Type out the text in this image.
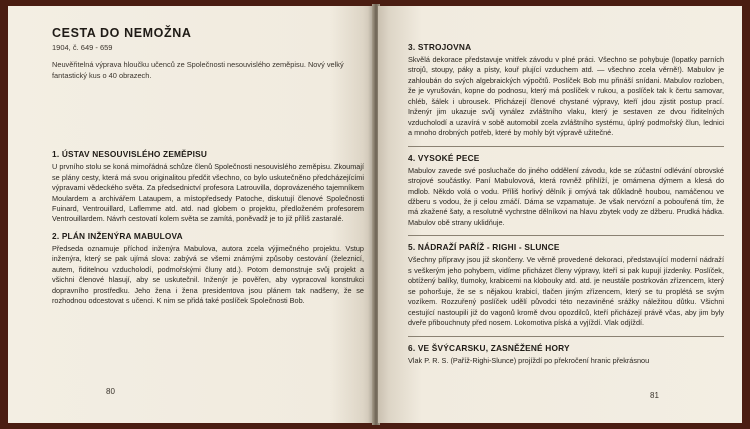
CESTA DO NEMOŽNA
1904, č. 649 - 659
Neuvěřitelná výprava hloučku učenců ze Společnosti nesouvislého zeměpisu. Nový velký fantastický kus o 40 obrazech.
1. ÚSTAV NESOUVISLÉHO ZEMĚPISU
U prvního stolu se koná mimořádná schůze členů Společnosti nesouvislého zeměpisu. Zkoumají se plány cesty, která má svou originalitou předčit všechno, co bylo uskutečněno předcházejícími výpravami vědeckého světa. Za předsednictví profesora Latrouvilla, doprovázeného tajemníkem Moulardem a archivářem Lataupem, a místopředsedy Patoche, diskutují členové Společnosti Fuinard, Ventrouillard, Laflemme atd. atd. nad globem o projektu, předloženém profesorem Ventrouillardem. Návrh cestovatí kolem světa se zamítá, poněvadž je to již příliš zastaralé.
2. PLÁN INŽENÝRA MABULOVA
Předseda oznamuje příchod inženýra Mabulova, autora zcela výjimečného projektu. Vstup inženýra, který se pak ujímá slova: zabývá se všemi známými způsoby cestování (železnicí, autem, řiditelnou vzducholodí, podmořskými čluny atd.). Potom demonstruje svůj projekt a všichni členové hlasují, aby se uskutečnil. Inženýr je pověřen, aby vypracoval konstrukci dopravního prostředku. Jeho žena i žena presidentova jsou plánem tak nadšeny, že se rozhodnou odcestovat s učenci. K nim se přidá také poslíček Společnosti Bob.
80
3. STROJOVNA
Skvělá dekorace představuje vnitřek závodu v plné práci. Všechno se pohybuje (lopatky parních strojů, stoupy, páky a písty, kouř plující vzduchem atd. — všechno zcela věrně!). Mabulov je zahloubán do svých algebraických výpočtů. Poslíček Bob mu přináší snídani. Mabulov rozloben, že je vyrušován, kopne do podnosu, který má poslíček v rukou, a poslíček tak k čertu samovar, chléb, šálek i ubrousek. Přicházejí členové chystané výpravy, kteří jdou zjistit postup prací. Inženýr jim ukazuje svůj vynález zvláštního vlaku, který je sestaven ze dvou řiditelných vzducholodí a uzavírá v sobě automobil zcela zvláštního systému, úplný podmořský člun, lednici a mnoho drobných potřeb, které by mohly být výpravě užitečné.
4. VYSOKÉ PECE
Mabulov zavede své posluchače do jiného oddělení závodu, kde se zúčastní odlévání obrovské strojové součástky. Paní Mabulovová, která rovněž přihlíží, je omámena dýmem a klesá do mdlob. Někdo volá o vodu. Příliš horlivý dělník ji omývá tak důkladně houbou, namáčenou ve džberu s vodou, že ji celou zmáčí. Dáma se vzpamatuje. Je však nervózní a pobouřená tím, že má zkažené šaty, a resolutně vychrstne dělníkovi na hlavu zbytek vody ze džberu. Prudká hádka. Mabulov obě strany uklidňuje.
5. NÁDRAŽÍ PAŘÍŽ - RIGHI - SLUNCE
Všechny přípravy jsou již skončeny. Ve věrně provedené dekoraci, představující moderní nádraží s veškerým jeho pohybem, vidíme přicházet členy výpravy, kteří si pak kupují jízdenky. Poslíček, obtížený balíky, tlumoky, krabicemi na klobouky atd. atd. je neustále postrkován zřízencem, který se pohoršuje, že se s nějakou krabicí, tlačen jiným zřízencem, který se tu proplétá se svým vozíkem. Rozzuřený poslíček udělí původci této nezaviněné srážky náležitou důtku. Všichni cestující nastoupili již do vagonů kromě dvou opozdilců, kteří přicházejí právě včas, aby jim byly dveře přibouchnuty před nosem. Lokomotiva píská a vyjíždí. Vlak odjíždí.
6. VE ŠVÝCARSKU, ZASNĚŽENÉ HORY
Vlak P. R. S. (Paříž-Righi-Slunce) projíždí po překročení hranic překrásnou
81
